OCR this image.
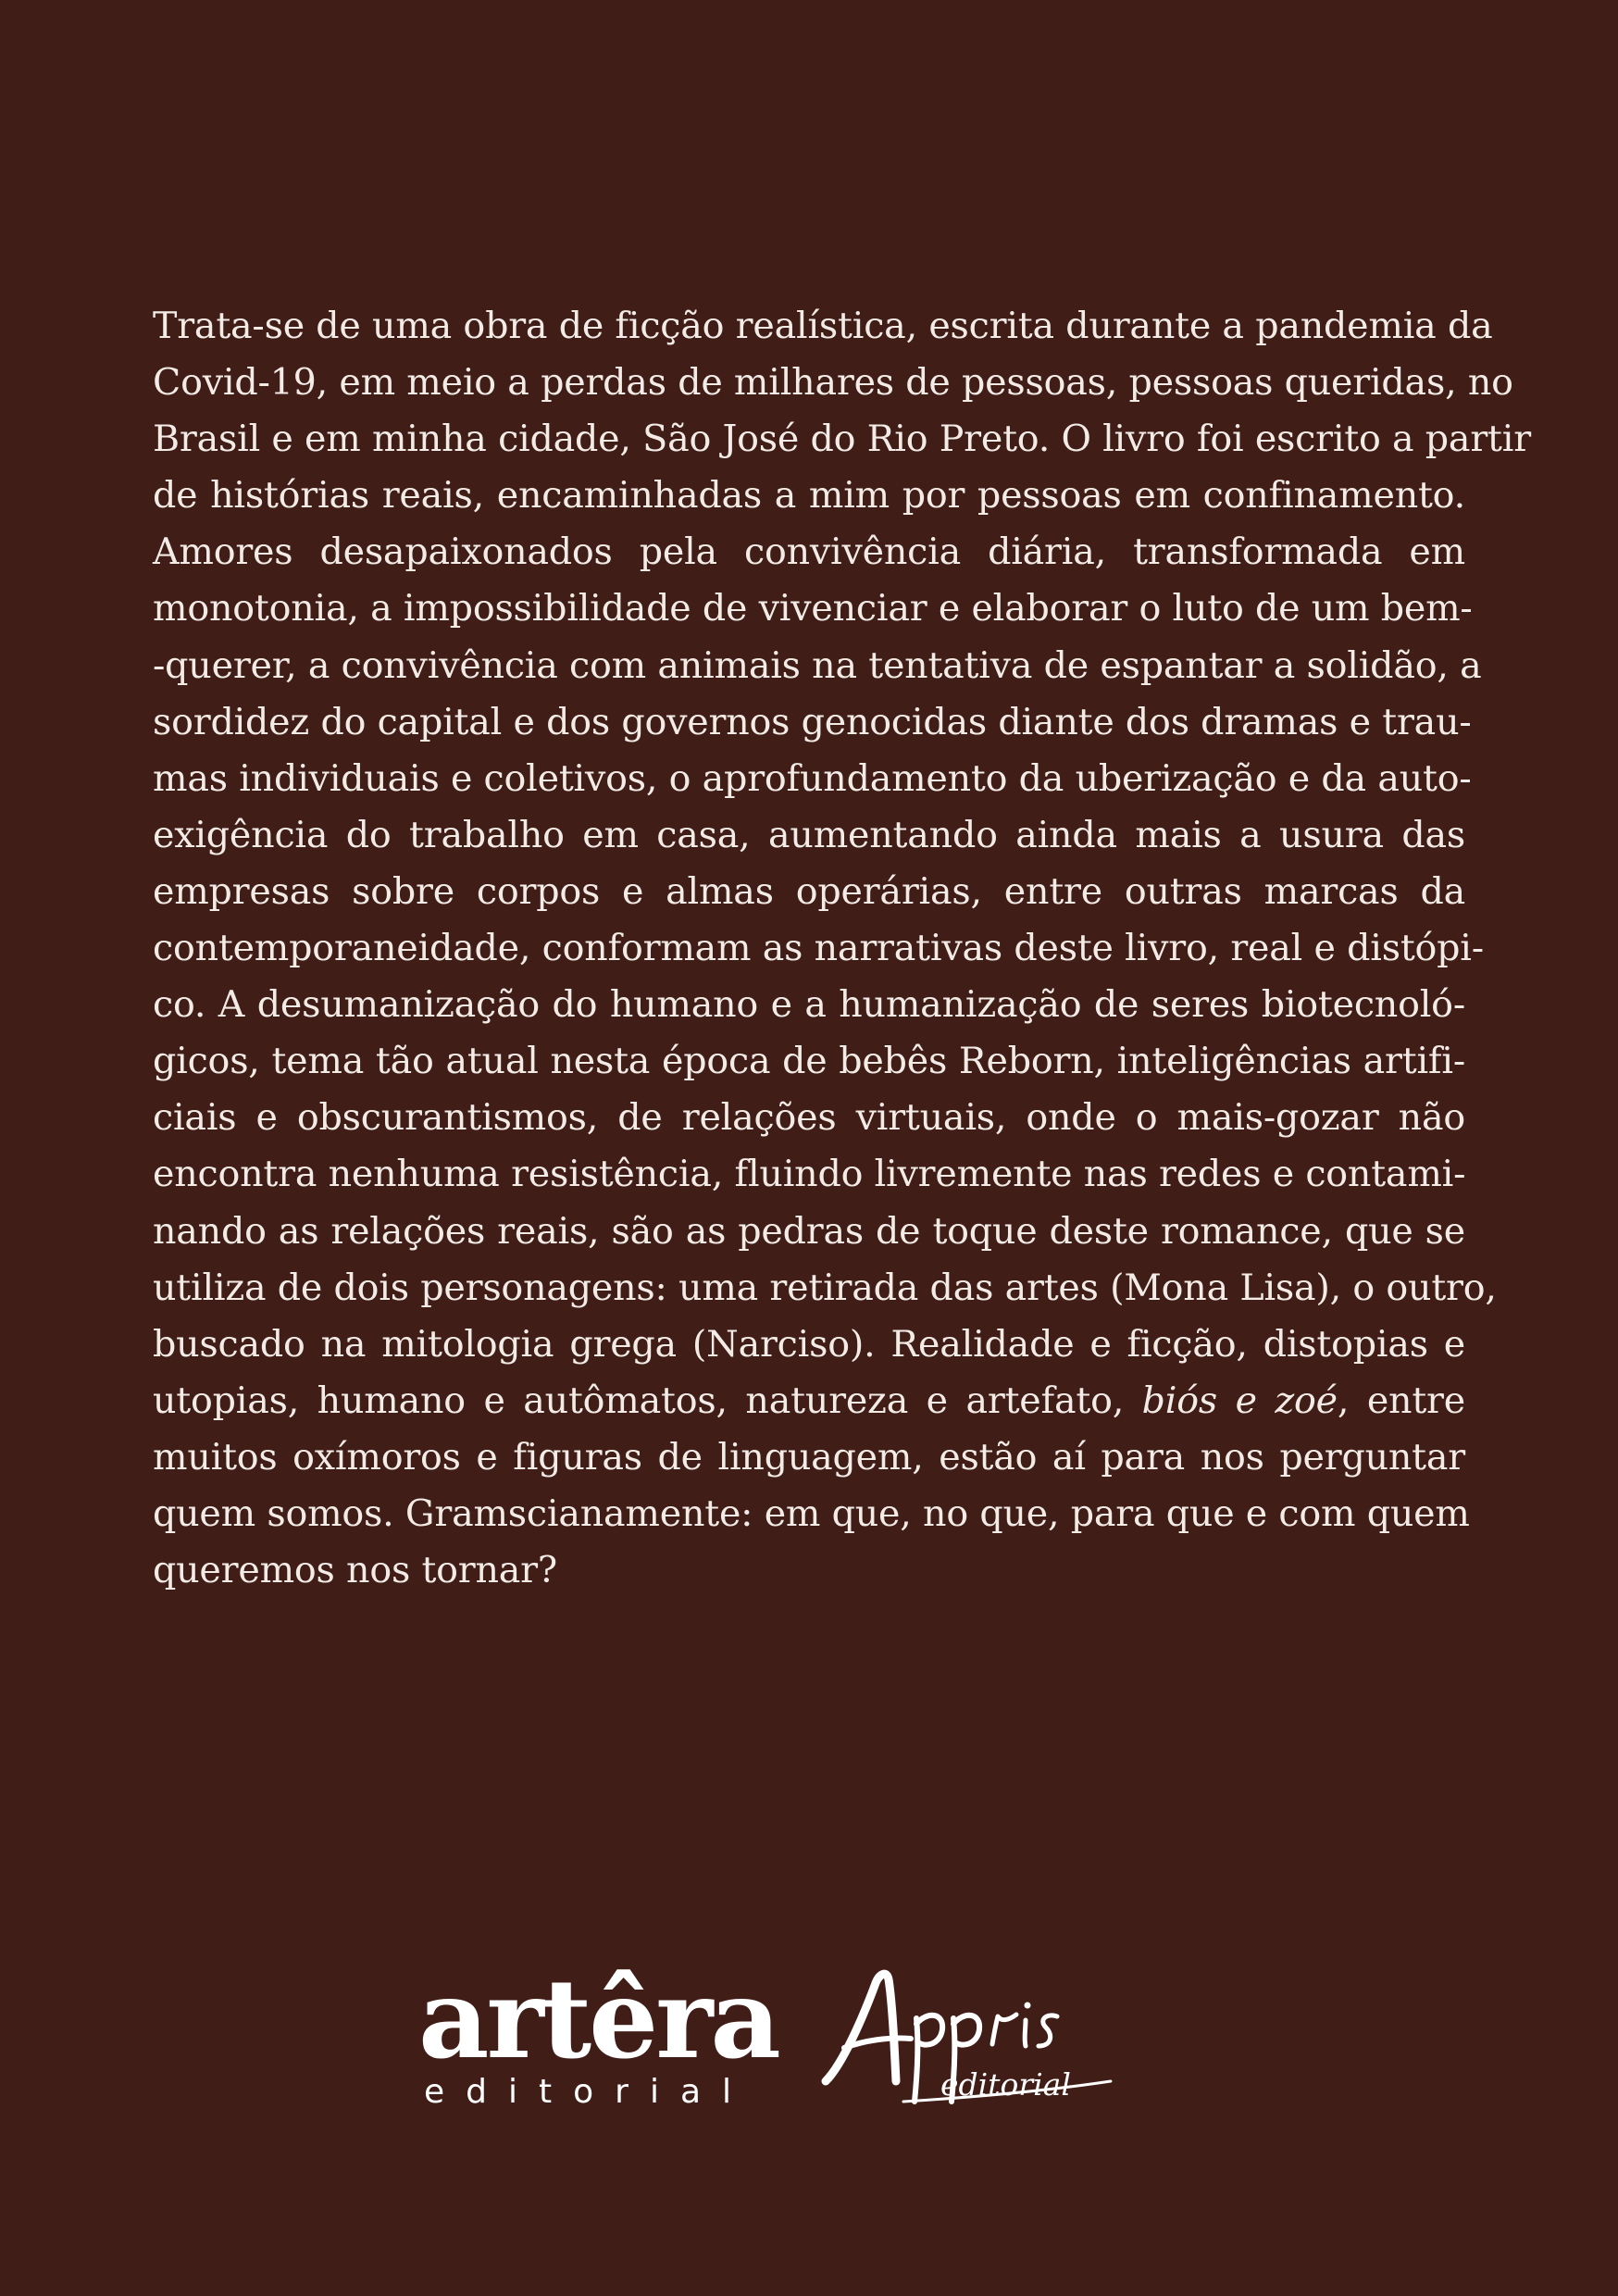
Trata-se de uma obra de ficção realística, escrita durante a pandemia da
Covid-19, em meio a perdas de milhares de pessoas, pessoas queridas, no
Brasil e em minha cidade, São José do Rio Preto. O livro foi escrito a partir
de histórias reais, encaminhadas a mim por pessoas em confinamento.
Amores desapaixonados pela convivência diária, transformada em
monotonia, a impossibilidade de vivenciar e elaborar o luto de um bem-
-querer, a convivência com animais na tentativa de espantar a solidão, a
sordidez do capital e dos governos genocidas diante dos dramas e trau-
mas individuais e coletivos, o aprofundamento da uberização e da auto-
exigência do trabalho em casa, aumentando ainda mais a usura das
empresas sobre corpos e almas operárias, entre outras marcas da
contemporaneidade, conformam as narrativas deste livro, real e distópi-
co. A desumanização do humano e a humanização de seres biotecnoló-
gicos, tema tão atual nesta época de bebês Reborn, inteligências artifi-
ciais e obscurantismos, de relações virtuais, onde o mais-gozar não
encontra nenhuma resistência, fluindo livremente nas redes e contami-
nando as relações reais, são as pedras de toque deste romance, que se
utiliza de dois personagens: uma retirada das artes (Mona Lisa), o outro,
buscado na mitologia grega (Narciso). Realidade e ficção, distopias e
utopias, humano e autômatos, natureza e artefato, biós e zoé, entre
muitos oxímoros e figuras de linguagem, estão aí para nos perguntar
quem somos. Gramscianamente: em que, no que, para que e com quem
queremos nos tornar?
artêra
editorial	editorial
